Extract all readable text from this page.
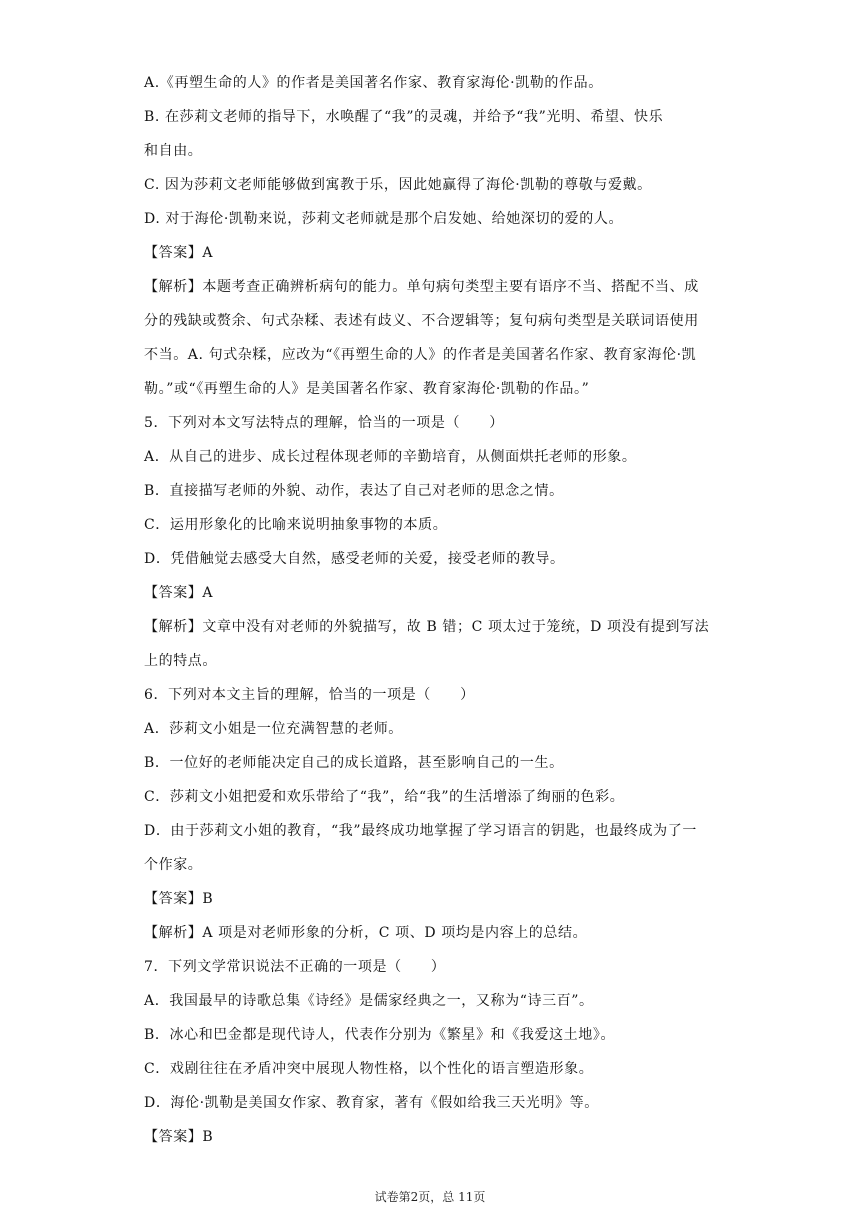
A.《再塑生命的人》的作者是美国著名作家、教育家海伦·凯勒的作品。
B. 在莎莉文老师的指导下，水唤醒了“我”的灵魂，并给予“我”光明、希望、快乐
和自由。
C. 因为莎莉文老师能够做到寓教于乐，因此她赢得了海伦·凯勒的尊敬与爱戴。
D. 对于海伦·凯勒来说，莎莉文老师就是那个启发她、给她深切的爱的人。
【答案】A
【解析】本题考查正确辨析病句的能力。单句病句类型主要有语序不当、搭配不当、成
分的残缺或赘余、句式杂糅、表述有歧义、不合逻辑等；复句病句类型是关联词语使用
不当。A. 句式杂糅，应改为“《再塑生命的人》的作者是美国著名作家、教育家海伦·凯
勒。”或“《再塑生命的人》是美国著名作家、教育家海伦·凯勒的作品。”
5．下列对本文写法特点的理解，恰当的一项是（　　）
A．从自己的进步、成长过程体现老师的辛勤培育，从侧面烘托老师的形象。
B．直接描写老师的外貌、动作，表达了自己对老师的思念之情。
C．运用形象化的比喻来说明抽象事物的本质。
D．凭借触觉去感受大自然，感受老师的关爱，接受老师的教导。
【答案】A
【解析】文章中没有对老师的外貌描写，故 B 错；C 项太过于笼统，D 项没有提到写法
上的特点。
6．下列对本文主旨的理解，恰当的一项是（　　）
A．莎莉文小姐是一位充满智慧的老师。
B．一位好的老师能决定自己的成长道路，甚至影响自己的一生。
C．莎莉文小姐把爱和欢乐带给了“我”，给“我”的生活增添了绚丽的色彩。
D．由于莎莉文小姐的教育，“我”最终成功地掌握了学习语言的钥匙，也最终成为了一
个作家。
【答案】B
【解析】A 项是对老师形象的分析，C 项、D 项均是内容上的总结。
7．下列文学常识说法不正确的一项是（　　）
A．我国最早的诗歌总集《诗经》是儒家经典之一，又称为“诗三百”。
B．冰心和巴金都是现代诗人，代表作分别为《繁星》和《我爱这土地》。
C．戏剧往往在矛盾冲突中展现人物性格，以个性化的语言塑造形象。
D．海伦·凯勒是美国女作家、教育家，著有《假如给我三天光明》等。
【答案】B
试卷第2页，总 11页
